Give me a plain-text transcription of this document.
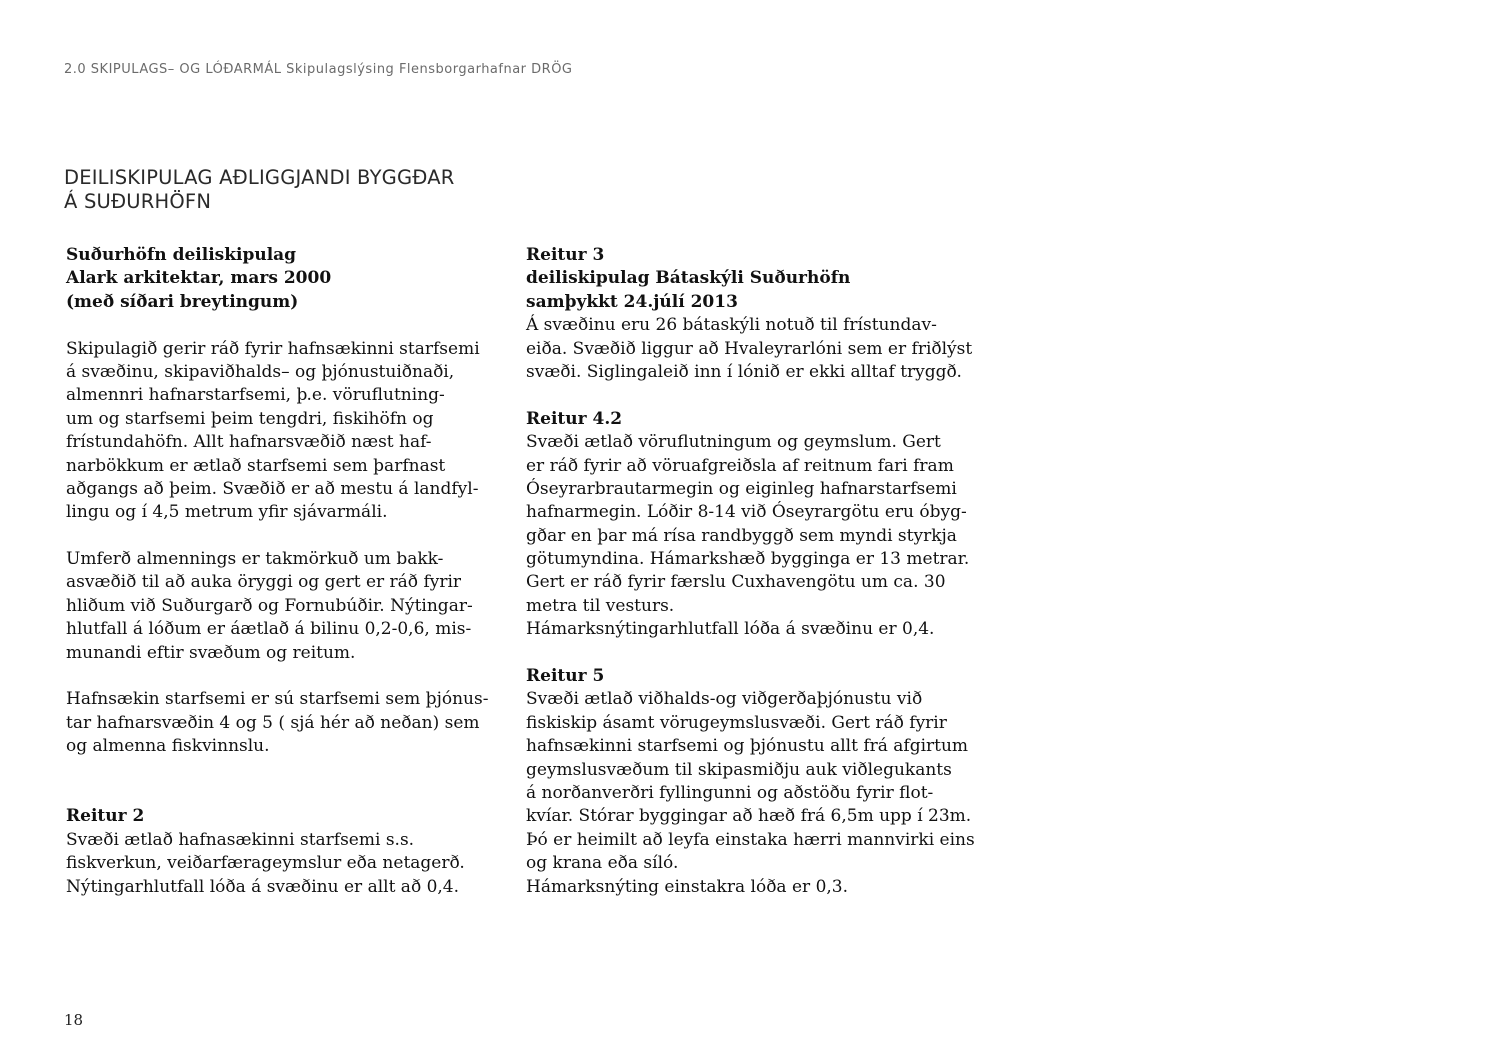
2.0 SKIPULAGS– OG LÓÐARMÁL Skipulagslýsing Flensborgarhafnar DRÖG
DEILISKIPULAG AÐLIGGJANDI BYGGÐAR
Á SUÐURHÖFN
Suðurhöfn deiliskipulag
Alark arkitektar, mars 2000
(með síðari breytingum)
Skipulagið gerir ráð fyrir hafnsækinni starfsemi
á svæðinu, skipaviðhalds– og þjónustuiðnaði,
almennri hafnarstarfsemi, þ.e. vöruflutning-
um og starfsemi þeim tengdri, fiskihöfn og
frístundahöfn. Allt hafnarsvæðið næst haf-
narbökkum er ætlað starfsemi sem þarfnast
aðgangs að þeim. Svæðið er að mestu á landfyl-
lingu og í 4,5 metrum yfir sjávarmáli.
Umferð almennings er takmörkuð um bakk-
asvæðið til að auka öryggi og gert er ráð fyrir
hliðum við Suðurgarð og Fornubúðir. Nýtingar-
hlutfall á lóðum er áætlað á bilinu 0,2-0,6, mis-
munandi eftir svæðum og reitum.
Hafnsækin starfsemi er sú starfsemi sem þjónus-
tar hafnarsvæðin 4 og 5 ( sjá hér að neðan) sem
og almenna fiskvinnslu.
Reitur 2
Svæði ætlað hafnasækinni starfsemi s.s.
fiskverkun, veiðarfærageymslur eða netagerð.
Nýtingarhlutfall lóða á svæðinu er allt að 0,4.
Reitur 3
deiliskipulag Bátaskýli Suðurhöfn
samþykkt 24.júlí 2013
Á svæðinu eru 26 bátaskýli notuð til frístundav-
eiða. Svæðið liggur að Hvaleyrarlóni sem er friðlýst
svæði. Siglingaleið inn í lónið er ekki alltaf tryggð.
Reitur 4.2
Svæði ætlað vöruflutningum og geymslum. Gert
er ráð fyrir að vöruafgreiðsla af reitnum fari fram
Óseyrarbrautarmegin og eiginleg hafnarstarfsemi
hafnarmegin. Lóðir 8-14 við Óseyrargötu eru óbyg-
gðar en þar má rísa randbyggð sem myndi styrkja
götumyndina. Hámarkshæð bygginga er 13 metrar.
Gert er ráð fyrir færslu Cuxhavengötu um ca. 30
metra til vesturs.
Hámarksnýtingarhlutfall lóða á svæðinu er 0,4.
Reitur 5
Svæði ætlað viðhalds-og viðgerðaþjónustu við
fiskiskip ásamt vörugeymslusvæði. Gert ráð fyrir
hafnsækinni starfsemi og þjónustu allt frá afgirtum
geymslusvæðum til skipasmiðju auk viðlegukants
á norðanverðri fyllingunni og aðstöðu fyrir flot-
kvíar. Stórar byggingar að hæð frá 6,5m upp í 23m.
Þó er heimilt að leyfa einstaka hærri mannvirki eins
og krana eða síló.
Hámarksnýting einstakra lóða er 0,3.
18
